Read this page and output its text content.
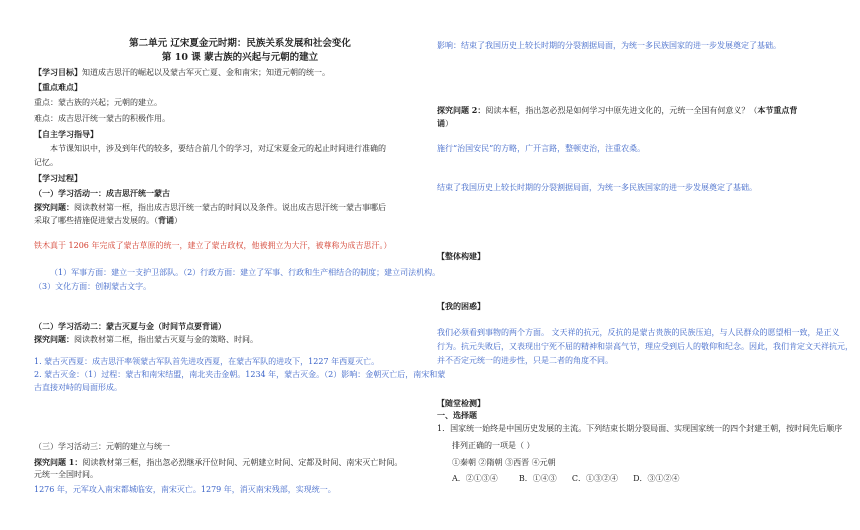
第二单元 辽宋夏金元时期：民族关系发展和社会变化
第 10 课 蒙古族的兴起与元朝的建立
【学习目标】知道成吉思汗的崛起以及蒙古军灭亡夏、金和南宋；知道元朝的统一。
【重点难点】
重点：蒙古族的兴起；元朝的建立。
难点：成吉思汗统一蒙古的积极作用。
【自主学习指导】
本节课知识中，涉及到年代的较多，要结合前几个的学习，对辽宋夏金元的起止时间进行准确的
记忆。
【学习过程】
（一）学习活动一：成吉思汗统一蒙古
探究问题：阅读教材第一框，指出成吉思汗统一蒙古的时间以及条件。说出成吉思汗统一蒙古事哪后
采取了哪些措施促进蒙古发展的。（背诵）
铁木真于 1206 年完成了蒙古草原的统一，建立了蒙古政权，他被拥立为大汗，被尊称为成吉思汗。）
（1）军事方面：建立一支护卫部队。（2）行政方面：建立了军事、行政和生产相结合的制度；建立司法机构。
（3）文化方面：创制蒙古文字。
（二）学习活动二：蒙古灭夏与金（时间节点要背诵）
探究问题：阅读教材第二框，指出蒙古灭夏与金的策略、时间。
1. 蒙古灭西夏：成吉思汗率领蒙古军队首先进攻西夏，在蒙古军队的进攻下，1227 年西夏灭亡。
2. 蒙古灭金：（1）过程：蒙古和南宋结盟，南北夹击金朝。1234 年，蒙古灭金。（2）影响：金朝灭亡后，南宋和蒙
古直接对峙的局面形成。
（三）学习活动三：元朝的建立与统一
探究问题 1：阅读教材第三框，指出忽必烈继承汗位时间、元朝建立时间、定都及时间、南宋灭亡时间。
元统一全国时间。
1276 年，元军攻入南宋都城临安，南宋灭亡。1279 年，消灭南宋残部，实现统一。
影响：结束了我国历史上较长时期的分裂割据局面，为统一多民族国家的进一步发展奠定了基础。
探究问题 2：阅读本框，指出忽必烈是如何学习中原先进文化的，元统一全国有何意义？（本节重点背
诵）
施行“治国安民”的方略，广开言路，整顿吏治，注重农桑。
结束了我国历史上较长时期的分裂割据局面，为统一多民族国家的进一步发展奠定了基础。
【整体构建】
【我的困惑】
我们必须看到事物的两个方面。 文天祥的抗元，反抗的是蒙古贵族的民族压迫，与人民群众的愿望相一致，是正义
行为。抗元失败后，又表现出宁死不屈的精神和崇高气节，理应受到后人的敬仰和纪念。因此，我们肯定文天祥抗元，
并不否定元统一的进步性，只是二者的角度不同。
【随堂检测】
一、选择题
1．国家统一始终是中国历史发展的主流。下列结束长期分裂局面、实现国家统一的四个封建王朝，按时间先后顺序
排列正确的一项是（ ）
①秦朝 ②隋朝 ③西晋 ④元朝
A．②①③④	B．①④③ C．①③②④ D．③①②④
